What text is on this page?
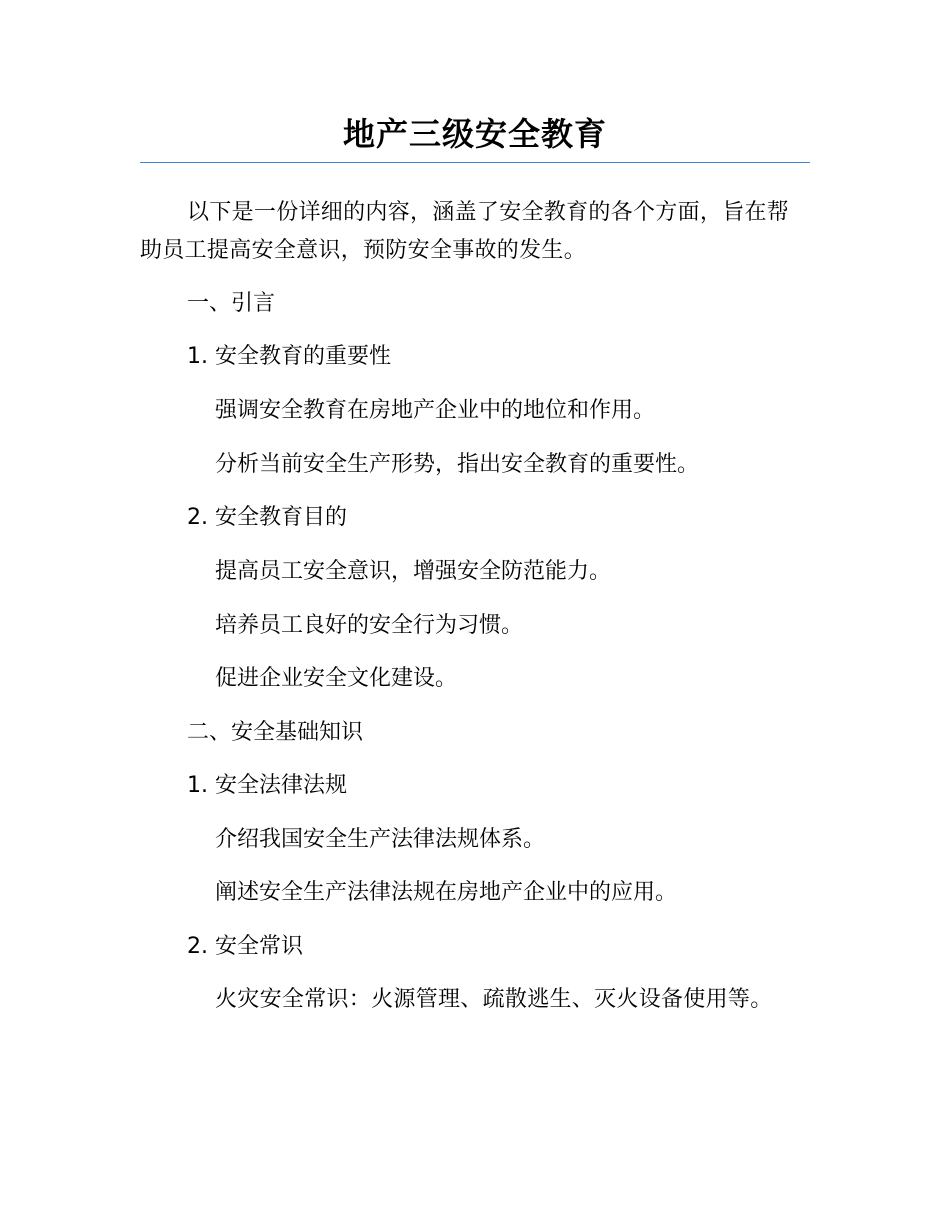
地产三级安全教育

以下是一份详细的内容，涵盖了安全教育的各个方面，旨在帮助员工提高安全意识，预防安全事故的发生。

一、引言

1. 安全教育的重要性

强调安全教育在房地产企业中的地位和作用。

分析当前安全生产形势，指出安全教育的重要性。

2. 安全教育目的

提高员工安全意识，增强安全防范能力。

培养员工良好的安全行为习惯。

促进企业安全文化建设。

二、安全基础知识

1. 安全法律法规

介绍我国安全生产法律法规体系。

阐述安全生产法律法规在房地产企业中的应用。

2. 安全常识

火灾安全常识：火源管理、疏散逃生、灭火设备使用等。
